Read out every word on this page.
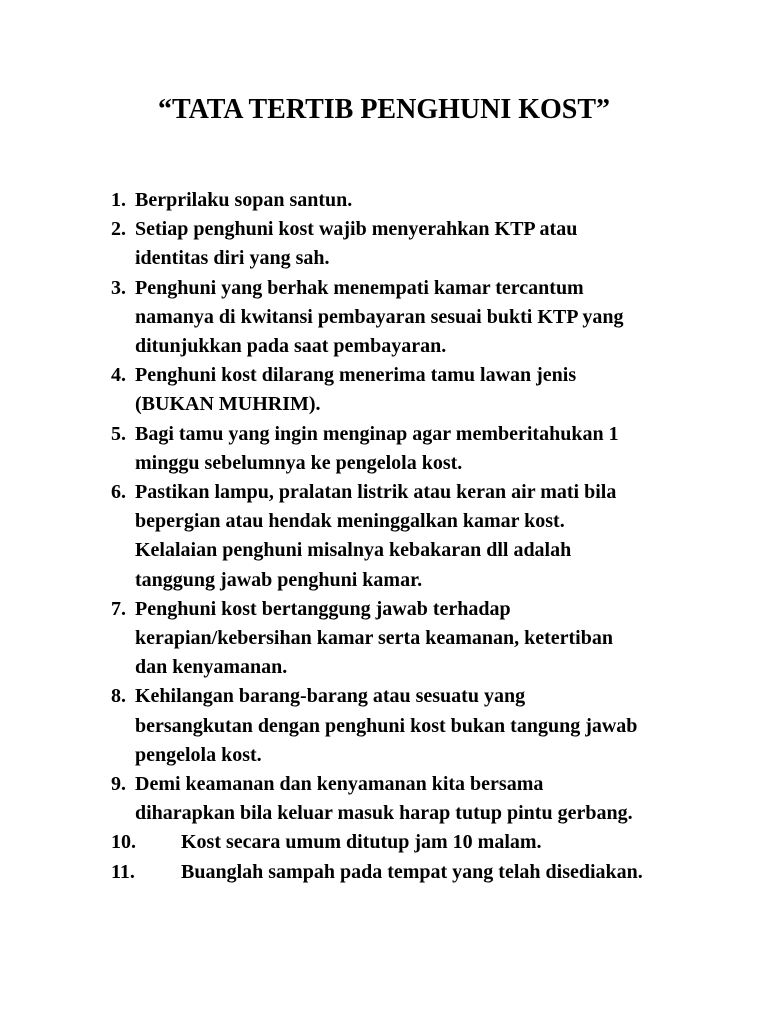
“TATA TERTIB PENGHUNI KOST”
1. Berprilaku sopan santun.
2. Setiap penghuni kost wajib menyerahkan KTP atau
identitas diri yang sah.
3. Penghuni yang berhak menempati kamar tercantum
namanya di kwitansi pembayaran sesuai bukti KTP yang
ditunjukkan pada saat pembayaran.
4. Penghuni kost dilarang menerima tamu lawan jenis
(BUKAN MUHRIM).
5. Bagi tamu yang ingin menginap agar memberitahukan 1
minggu sebelumnya ke pengelola kost.
6. Pastikan lampu, pralatan listrik atau keran air mati bila
bepergian atau hendak meninggalkan kamar kost.
Kelalaian penghuni misalnya kebakaran dll adalah
tanggung jawab penghuni kamar.
7. Penghuni kost bertanggung jawab terhadap
kerapian/kebersihan kamar serta keamanan, ketertiban
dan kenyamanan.
8. Kehilangan barang-barang atau sesuatu yang
bersangkutan dengan penghuni kost bukan tangung jawab
pengelola kost.
9. Demi keamanan dan kenyamanan kita bersama
diharapkan bila keluar masuk harap tutup pintu gerbang.
10. Kost secara umum ditutup jam 10 malam.
11. Buanglah sampah pada tempat yang telah disediakan.
